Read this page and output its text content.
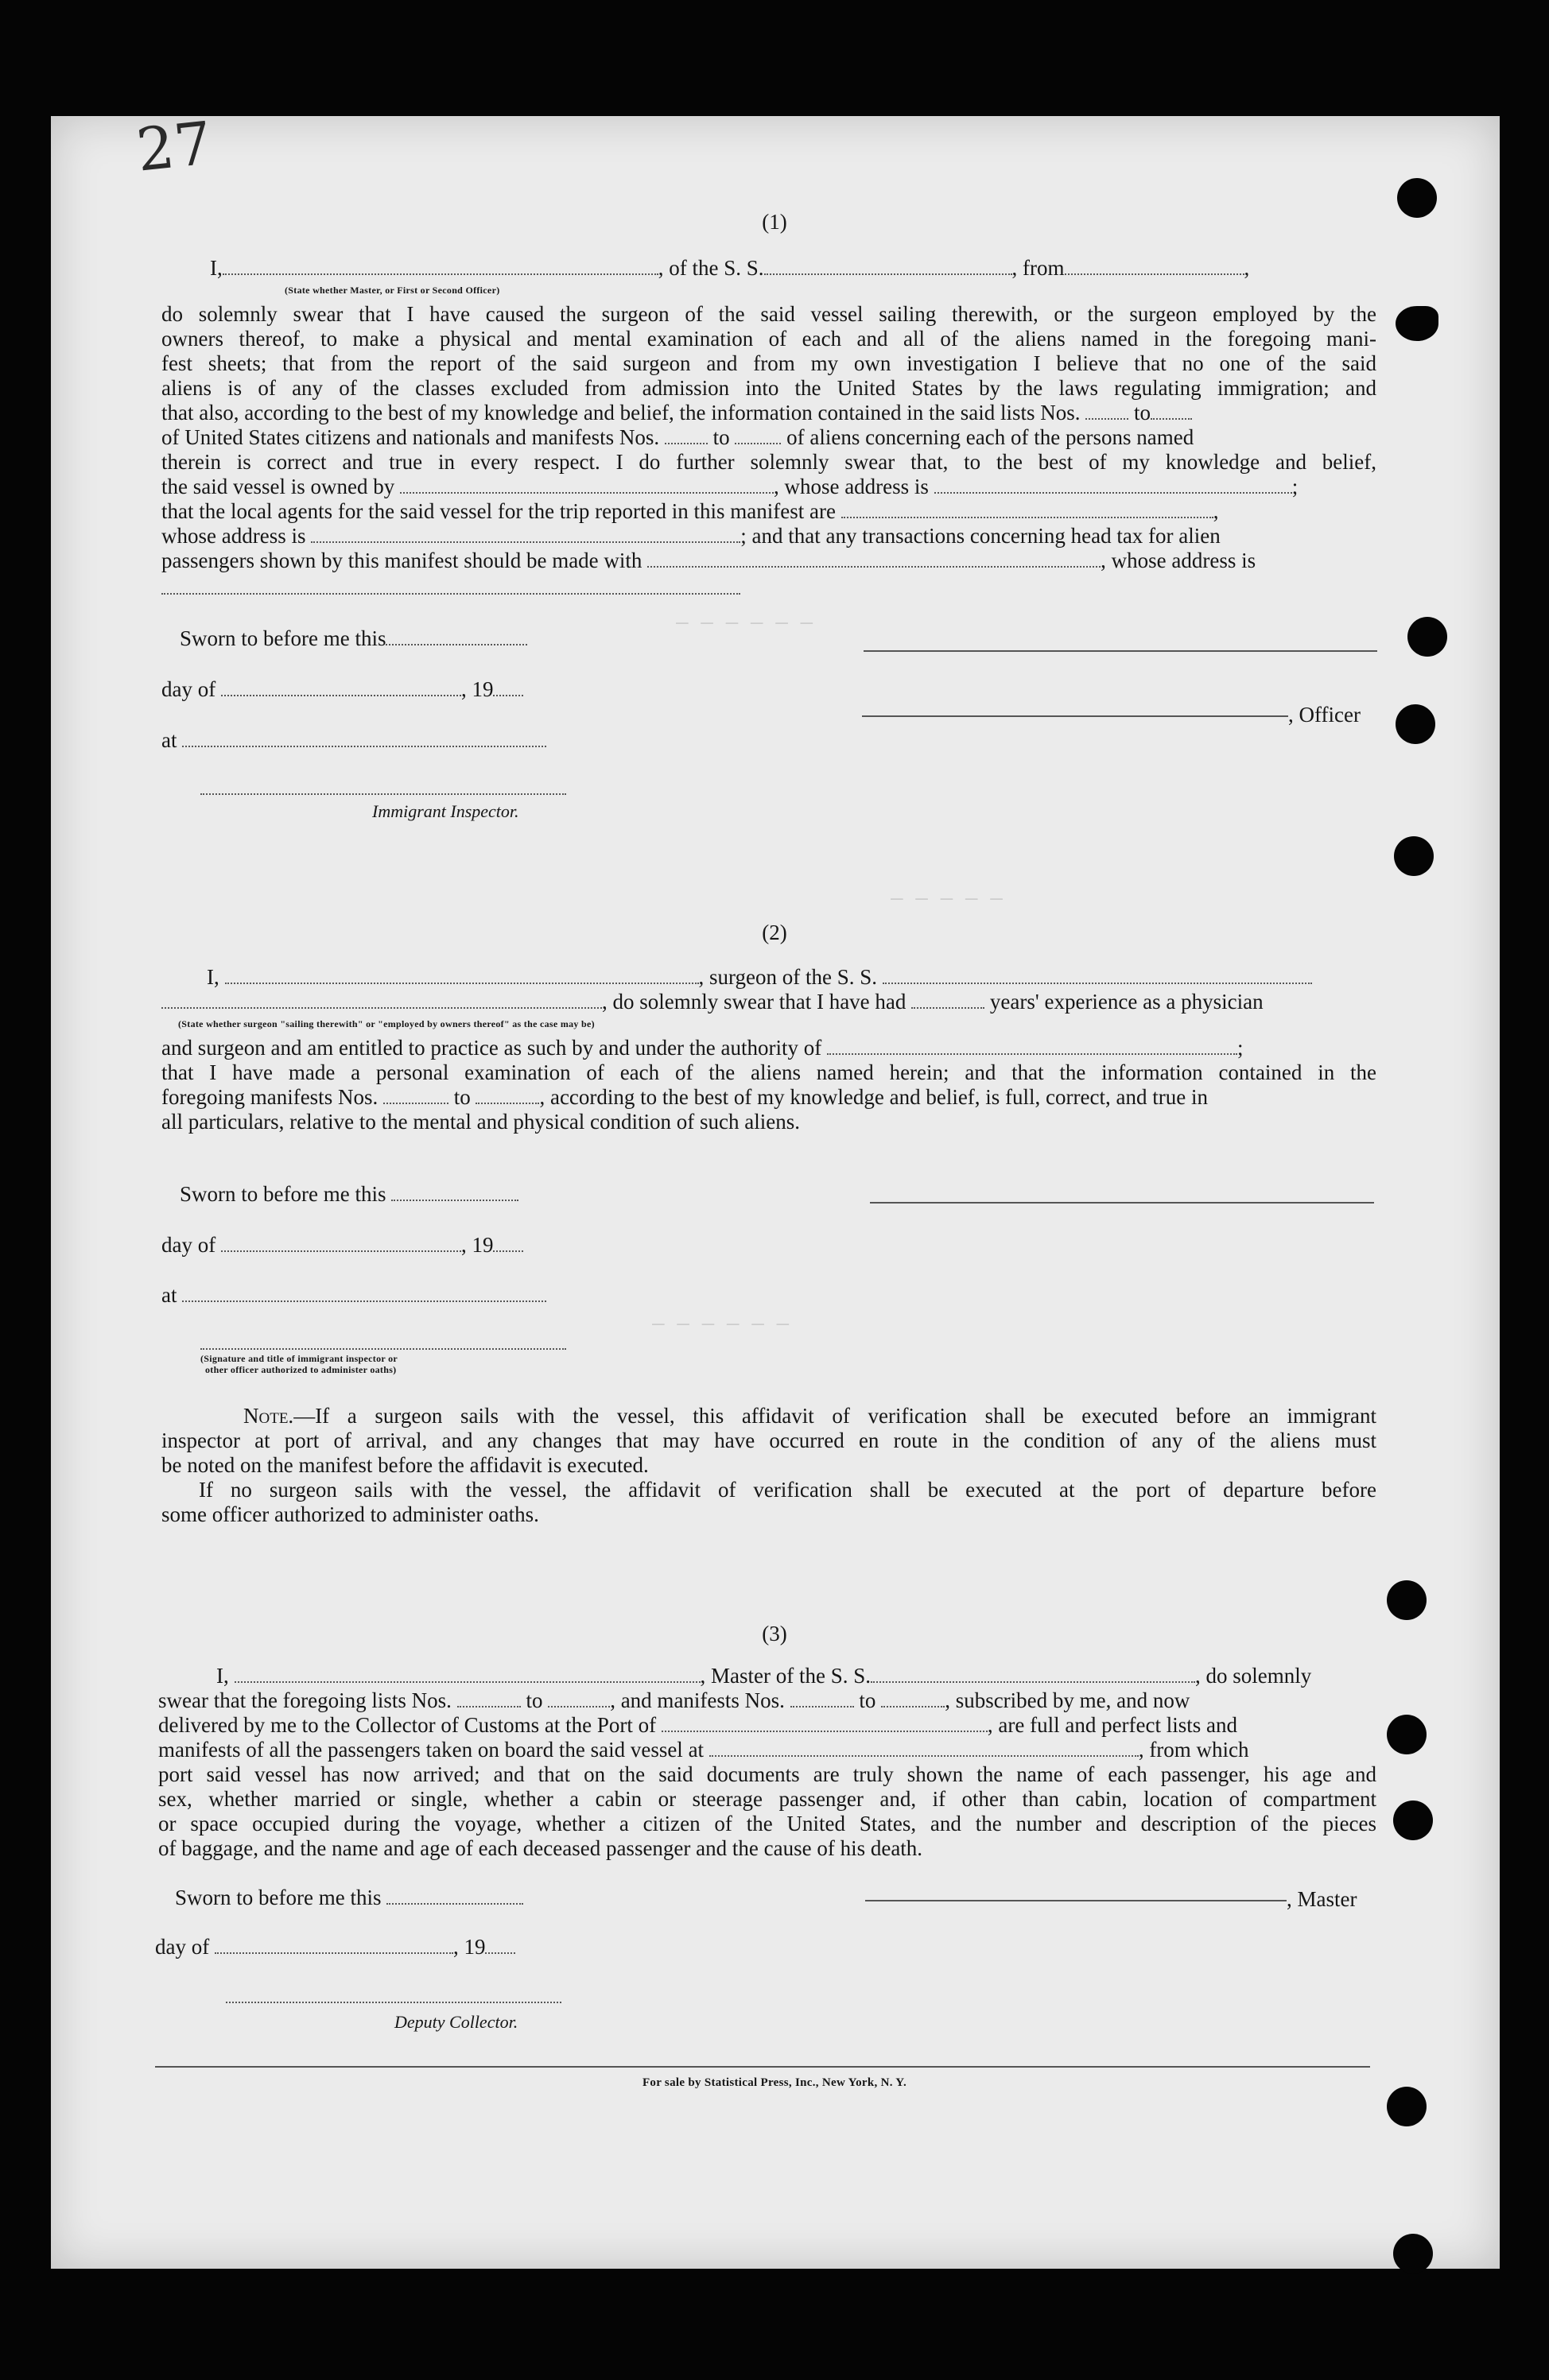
— — — — — —
— — — — —
— — — — — —
27
(1)
I,	, of the S. S.	, from	,
(State whether Master, or First or Second Officer)
do solemnly swear that I have caused the surgeon of the said vessel sailing therewith, or the surgeon employed by the
owners thereof, to make a physical and mental examination of each and all of the aliens named in the foregoing mani-
fest sheets; that from the report of the said surgeon and from my own investigation I believe that no one of the said
aliens is of any of the classes excluded from admission into the United States by the laws regulating immigration; and
that also, according to the best of my knowledge and belief, the information contained in the said lists Nos.	to
of United States citizens and nationals and manifests Nos.	to	of aliens concerning each of the persons named
therein is correct and true in every respect. I do further solemnly swear that, to the best of my knowledge and belief,
the said vessel is owned by	, whose address is	;
that the local agents for the said vessel for the trip reported in this manifest are	,
whose address is	; and that any transactions concerning head tax for alien
passengers shown by this manifest should be made with	, whose address is
Sworn to before me this
day of	, 19
, Officer
at
Immigrant Inspector.
(2)
I,	, surgeon of the S. S.
, do solemnly swear that I have had	years' experience as a physician
(State whether surgeon "sailing therewith" or "employed by owners thereof" as the case may be)
and surgeon and am entitled to practice as such by and under the authority of	;
that I have made a personal examination of each of the aliens named herein; and that the information contained in the
foregoing manifests Nos.	to	, according to the best of my knowledge and belief, is full, correct, and true in
all particulars, relative to the mental and physical condition of such aliens.
Sworn to before me this
day of	, 19
at
(Signature and title of immigrant inspector or
other officer authorized to administer oaths)
Note.—If a surgeon sails with the vessel, this affidavit of verification shall be executed before an immigrant
inspector at port of arrival, and any changes that may have occurred en route in the condition of any of the aliens must
be noted on the manifest before the affidavit is executed.
If no surgeon sails with the vessel, the affidavit of verification shall be executed at the port of departure before
some officer authorized to administer oaths.
(3)
I,	, Master of the S. S.	, do solemnly
swear that the foregoing lists Nos.	to	, and manifests Nos.	to	, subscribed by me, and now
delivered by me to the Collector of Customs at the Port of	, are full and perfect lists and
manifests of all the passengers taken on board the said vessel at	, from which
port said vessel has now arrived; and that on the said documents are truly shown the name of each passenger, his age and
sex, whether married or single, whether a cabin or steerage passenger and, if other than cabin, location of compartment
or space occupied during the voyage, whether a citizen of the United States, and the number and description of the pieces
of baggage, and the name and age of each deceased passenger and the cause of his death.
Sworn to before me this	, Master
day of	, 19
Deputy Collector.
For sale by Statistical Press, Inc., New York, N. Y.
